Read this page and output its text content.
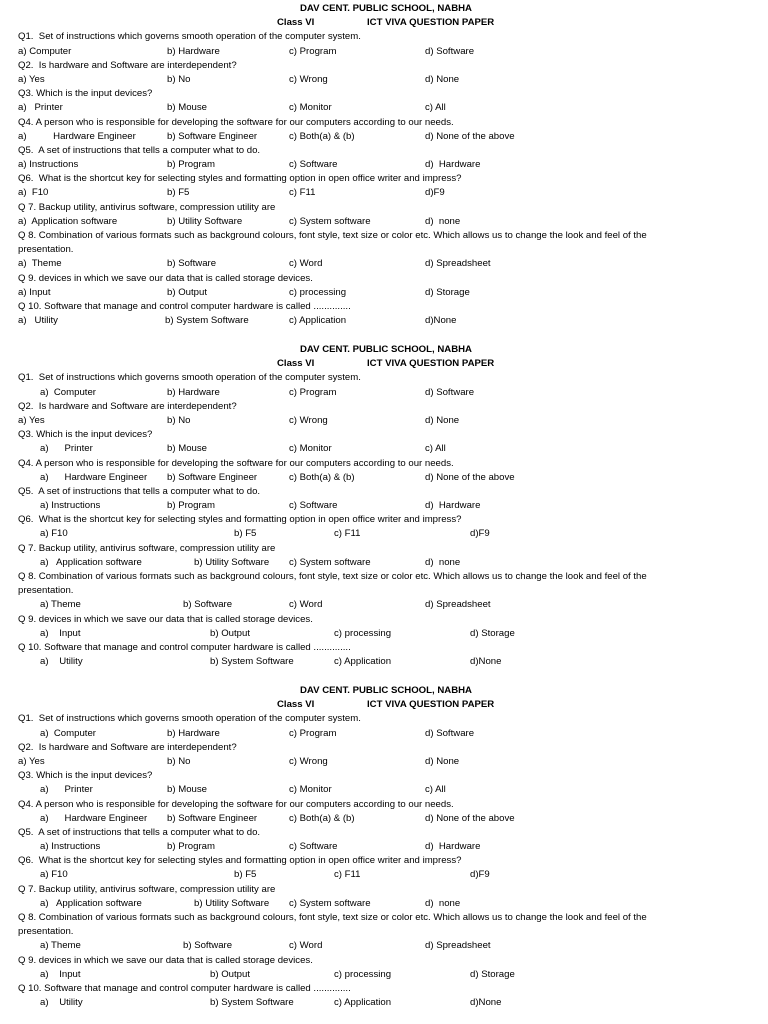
DAV CENT. PUBLIC SCHOOL, NABHA
Class VI	ICT VIVA QUESTION PAPER
Q1.  Set of instructions which governs smooth operation of the computer system.
a) Computer	b) Hardware	c) Program	d) Software
Q2.  Is hardware and Software are interdependent?
a) Yes	b) No	c) Wrong	d) None
Q3. Which is the input devices?
a)   Printer	b) Mouse	c) Monitor	c) All
Q4. A person who is responsible for developing the software for our computers according to our needs.
a)          Hardware Engineer	b) Software Engineer	c) Both(a) & (b)	d) None of the above
Q5.  A set of instructions that tells a computer what to do.
a) Instructions	b) Program	c) Software	d)  Hardware
Q6.  What is the shortcut key for selecting styles and formatting option in open office writer and impress?
a)  F10	b) F5	c) F11	d)F9
Q 7. Backup utility, antivirus software, compression utility are
a)  Application software	b) Utility Software	c) System software	d)  none
Q 8. Combination of various formats such as background colours, font style, text size or color etc. Which allows us to change the look and feel of the
presentation.
a)  Theme	b) Software	c) Word	d) Spreadsheet
Q 9. devices in which we save our data that is called storage devices.
a) Input	b) Output	c) processing	d) Storage
Q 10. Software that manage and control computer hardware is called ..............
a)   Utility	b) System Software	c) Application	d)None
DAV CENT. PUBLIC SCHOOL, NABHA
Class VI	ICT VIVA QUESTION PAPER
Q1.  Set of instructions which governs smooth operation of the computer system.
a)  Computer	b) Hardware	c) Program	d) Software
Q2.  Is hardware and Software are interdependent?
a) Yes	b) No	c) Wrong	d) None
Q3. Which is the input devices?
a)      Printer	b) Mouse	c) Monitor	c) All
Q4. A person who is responsible for developing the software for our computers according to our needs.
a)      Hardware Engineer b) Software Engineer	c) Both(a) & (b)	d) None of the above
Q5.  A set of instructions that tells a computer what to do.
a) Instructions	b) Program	c) Software	d)  Hardware
Q6.  What is the shortcut key for selecting styles and formatting option in open office writer and impress?
a) F10	b) F5	c) F11	d)F9
Q 7. Backup utility, antivirus software, compression utility are
a)   Application software	b) Utility Software c) System software	d)  none
Q 8. Combination of various formats such as background colours, font style, text size or color etc. Which allows us to change the look and feel of the
presentation.
a) Theme	b) Software	c) Word	d) Spreadsheet
Q 9. devices in which we save our data that is called storage devices.
a)    Input	b) Output	c) processing	d) Storage
Q 10. Software that manage and control computer hardware is called ..............
a)    Utility	b) System Software	c) Application	d)None
DAV CENT. PUBLIC SCHOOL, NABHA
Class VI	ICT VIVA QUESTION PAPER
Q1.  Set of instructions which governs smooth operation of the computer system.
a)  Computer	b) Hardware	c) Program	d) Software
Q2.  Is hardware and Software are interdependent?
a) Yes	b) No	c) Wrong	d) None
Q3. Which is the input devices?
a)      Printer	b) Mouse	c) Monitor	c) All
Q4. A person who is responsible for developing the software for our computers according to our needs.
a)      Hardware Engineer b) Software Engineer	c) Both(a) & (b)	d) None of the above
Q5.  A set of instructions that tells a computer what to do.
a) Instructions	b) Program	c) Software	d)  Hardware
Q6.  What is the shortcut key for selecting styles and formatting option in open office writer and impress?
a) F10	b) F5	c) F11	d)F9
Q 7. Backup utility, antivirus software, compression utility are
a)   Application software	b) Utility Software c) System software	d)  none
Q 8. Combination of various formats such as background colours, font style, text size or color etc. Which allows us to change the look and feel of the
presentation.
a) Theme	b) Software	c) Word	d) Spreadsheet
Q 9. devices in which we save our data that is called storage devices.
a)    Input	b) Output	c) processing	d) Storage
Q 10. Software that manage and control computer hardware is called ..............
a)    Utility	b) System Software	c) Application	d)None
